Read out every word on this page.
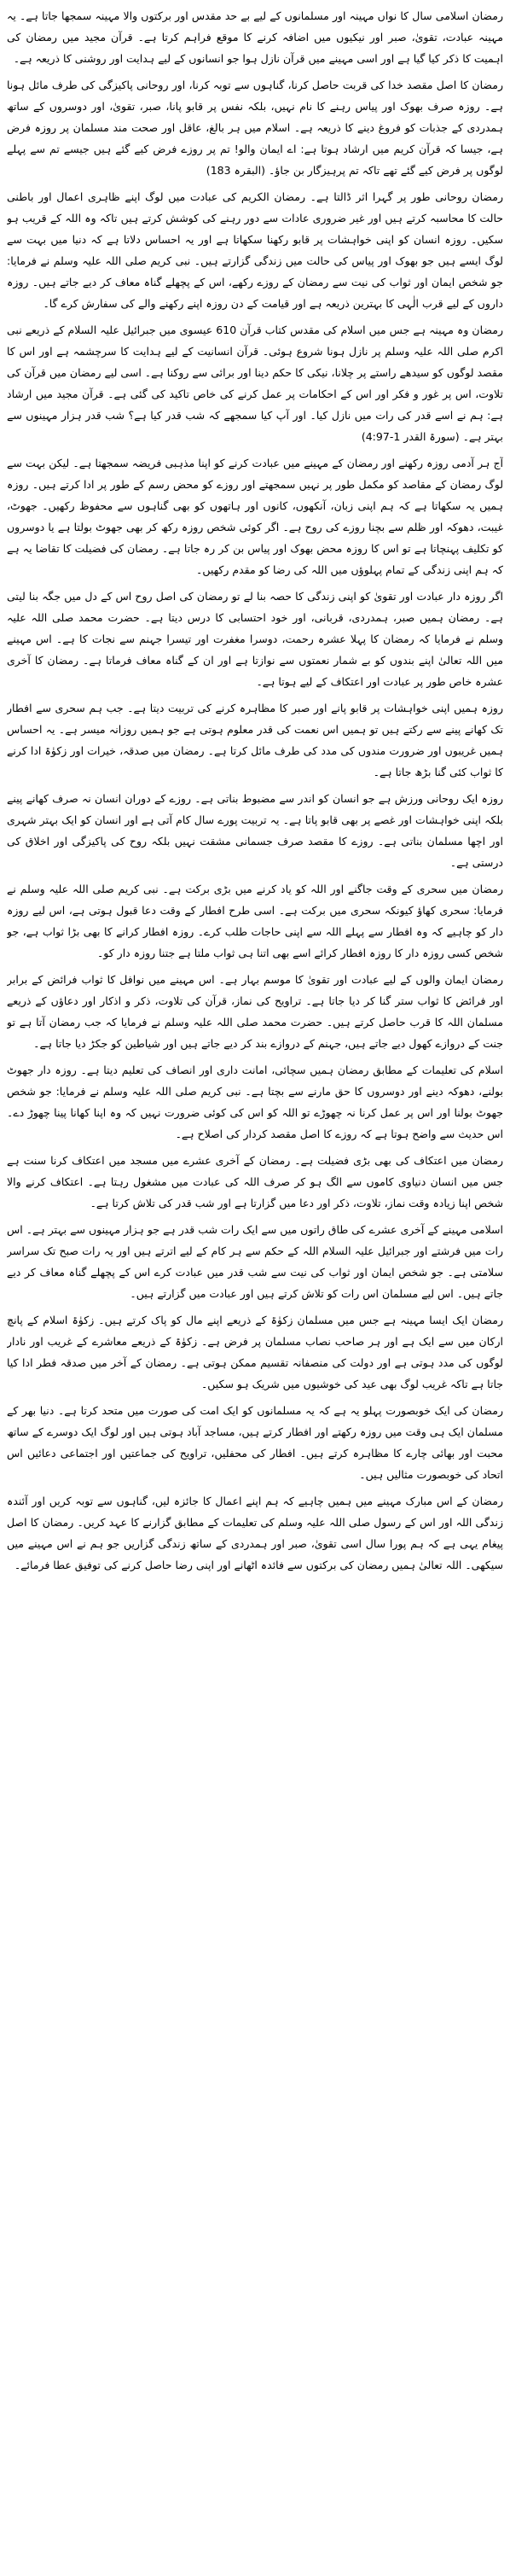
رمضان اسلامی سال کا نواں مہینہ اور مسلمانوں کے لیے بے حد مقدس اور برکتوں والا مہینہ سمجھا جاتا ہے۔ یہ مہینہ عبادت، تقویٰ، صبر اور نیکیوں میں اضافہ کرنے کا موقع فراہم کرتا ہے۔ قرآن مجید میں رمضان کی اہمیت کا ذکر کیا گیا ہے اور اسی مہینے میں قرآن نازل ہوا جو انسانوں کے لیے ہدایت اور روشنی کا ذریعہ ہے۔

رمضان کا اصل مقصد خدا کی قربت حاصل کرنا، گناہوں سے توبہ کرنا، اور روحانی پاکیزگی کی طرف مائل ہونا ہے۔ روزہ صرف بھوک اور پیاس رہنے کا نام نہیں، بلکہ نفس پر قابو پانا، صبر، تقویٰ، اور دوسروں کے ساتھ ہمدردی کے جذبات کو فروغ دینے کا ذریعہ ہے۔ اسلام میں ہر بالغ، عاقل اور صحت مند مسلمان پر روزہ فرض ہے، جیسا کہ قرآن کریم میں ارشاد ہوتا ہے: اے ایمان والو! تم پر روزے فرض کیے گئے ہیں جیسے تم سے پہلے لوگوں پر فرض کیے گئے تھے تاکہ تم پرہیزگار بن جاؤ۔ (البقرہ 183)

رمضان روحانی طور پر گہرا اثر ڈالتا ہے۔ رمضان الکریم کی عبادت میں لوگ اپنے ظاہری اعمال اور باطنی حالت کا محاسبہ کرتے ہیں اور غیر ضروری عادات سے دور رہنے کی کوشش کرتے ہیں تاکہ وہ اللہ کے قریب ہو سکیں۔ روزہ انسان کو اپنی خواہشات پر قابو رکھنا سکھاتا ہے اور یہ احساس دلاتا ہے کہ دنیا میں بہت سے لوگ ایسے ہیں جو بھوک اور پیاس کی حالت میں زندگی گزارتے ہیں۔ نبی کریم صلی اللہ علیہ وسلم نے فرمایا: جو شخص ایمان اور ثواب کی نیت سے رمضان کے روزے رکھے، اس کے پچھلے گناہ معاف کر دیے جاتے ہیں۔ روزہ داروں کے لیے قرب الٰہی کا بہترین ذریعہ ہے اور قیامت کے دن روزہ اپنے رکھنے والے کی سفارش کرے گا۔

رمضان وہ مہینہ ہے جس میں اسلام کی مقدس کتاب قرآن 610 عیسوی میں جبرائیل علیہ السلام کے ذریعے نبی اکرم صلی اللہ علیہ وسلم پر نازل ہونا شروع ہوئی۔ قرآن انسانیت کے لیے ہدایت کا سرچشمہ ہے اور اس کا مقصد لوگوں کو سیدھے راستے پر چلانا، نیکی کا حکم دینا اور برائی سے روکنا ہے۔ اسی لیے رمضان میں قرآن کی تلاوت، اس پر غور و فکر اور اس کے احکامات پر عمل کرنے کی خاص تاکید کی گئی ہے۔ قرآن مجید میں ارشاد ہے: ہم نے اسے قدر کی رات میں نازل کیا۔ اور آپ کیا سمجھے کہ شب قدر کیا ہے؟ شب قدر ہزار مہینوں سے بہتر ہے۔ (سورۃ القدر 1-4:97)

آج ہر آدمی روزہ رکھنے اور رمضان کے مہینے میں عبادت کرنے کو اپنا مذہبی فریضہ سمجھتا ہے۔ لیکن بہت سے لوگ رمضان کے مقاصد کو مکمل طور پر نہیں سمجھتے اور روزے کو محض رسم کے طور پر ادا کرتے ہیں۔ روزہ ہمیں یہ سکھاتا ہے کہ ہم اپنی زبان، آنکھوں، کانوں اور ہاتھوں کو بھی گناہوں سے محفوظ رکھیں۔ جھوٹ، غیبت، دھوکہ اور ظلم سے بچنا روزے کی روح ہے۔ اگر کوئی شخص روزہ رکھ کر بھی جھوٹ بولتا ہے یا دوسروں کو تکلیف پہنچاتا ہے تو اس کا روزہ محض بھوک اور پیاس بن کر رہ جاتا ہے۔ رمضان کی فضیلت کا تقاضا یہ ہے کہ ہم اپنی زندگی کے تمام پہلوؤں میں اللہ کی رضا کو مقدم رکھیں۔

اگر روزہ دار عبادت اور تقویٰ کو اپنی زندگی کا حصہ بنا لے تو رمضان کی اصل روح اس کے دل میں جگہ بنا لیتی ہے۔ رمضان ہمیں صبر، ہمدردی، قربانی، اور خود احتسابی کا درس دیتا ہے۔ حضرت محمد صلی اللہ علیہ وسلم نے فرمایا کہ رمضان کا پہلا عشرہ رحمت، دوسرا مغفرت اور تیسرا جہنم سے نجات کا ہے۔ اس مہینے میں اللہ تعالیٰ اپنے بندوں کو بے شمار نعمتوں سے نوازتا ہے اور ان کے گناہ معاف فرماتا ہے۔ رمضان کا آخری عشرہ خاص طور پر عبادت اور اعتکاف کے لیے ہوتا ہے۔

روزہ ہمیں اپنی خواہشات پر قابو پانے اور صبر کا مظاہرہ کرنے کی تربیت دیتا ہے۔ جب ہم سحری سے افطار تک کھانے پینے سے رکتے ہیں تو ہمیں اس نعمت کی قدر معلوم ہوتی ہے جو ہمیں روزانہ میسر ہے۔ یہ احساس ہمیں غریبوں اور ضرورت مندوں کی مدد کی طرف مائل کرتا ہے۔ رمضان میں صدقہ، خیرات اور زکوٰۃ ادا کرنے کا ثواب کئی گنا بڑھ جاتا ہے۔

روزہ ایک روحانی ورزش ہے جو انسان کو اندر سے مضبوط بناتی ہے۔ روزے کے دوران انسان نہ صرف کھانے پینے بلکہ اپنی خواہشات اور غصے پر بھی قابو پاتا ہے۔ یہ تربیت پورے سال کام آتی ہے اور انسان کو ایک بہتر شہری اور اچھا مسلمان بناتی ہے۔ روزے کا مقصد صرف جسمانی مشقت نہیں بلکہ روح کی پاکیزگی اور اخلاق کی درستی ہے۔

رمضان میں سحری کے وقت جاگنے اور اللہ کو یاد کرنے میں بڑی برکت ہے۔ نبی کریم صلی اللہ علیہ وسلم نے فرمایا: سحری کھاؤ کیونکہ سحری میں برکت ہے۔ اسی طرح افطار کے وقت دعا قبول ہوتی ہے، اس لیے روزہ دار کو چاہیے کہ وہ افطار سے پہلے اللہ سے اپنی حاجات طلب کرے۔ روزہ افطار کرانے کا بھی بڑا ثواب ہے، جو شخص کسی روزہ دار کا روزہ افطار کرائے اسے بھی اتنا ہی ثواب ملتا ہے جتنا روزہ دار کو۔

رمضان ایمان والوں کے لیے عبادت اور تقویٰ کا موسم بہار ہے۔ اس مہینے میں نوافل کا ثواب فرائض کے برابر اور فرائض کا ثواب ستر گنا کر دیا جاتا ہے۔ تراویح کی نماز، قرآن کی تلاوت، ذکر و اذکار اور دعاؤں کے ذریعے مسلمان اللہ کا قرب حاصل کرتے ہیں۔ حضرت محمد صلی اللہ علیہ وسلم نے فرمایا کہ جب رمضان آتا ہے تو جنت کے دروازے کھول دیے جاتے ہیں، جہنم کے دروازے بند کر دیے جاتے ہیں اور شیاطین کو جکڑ دیا جاتا ہے۔

اسلام کی تعلیمات کے مطابق رمضان ہمیں سچائی، امانت داری اور انصاف کی تعلیم دیتا ہے۔ روزہ دار جھوٹ بولنے، دھوکہ دینے اور دوسروں کا حق مارنے سے بچتا ہے۔ نبی کریم صلی اللہ علیہ وسلم نے فرمایا: جو شخص جھوٹ بولنا اور اس پر عمل کرنا نہ چھوڑے تو اللہ کو اس کی کوئی ضرورت نہیں کہ وہ اپنا کھانا پینا چھوڑ دے۔ اس حدیث سے واضح ہوتا ہے کہ روزے کا اصل مقصد کردار کی اصلاح ہے۔

رمضان میں اعتکاف کی بھی بڑی فضیلت ہے۔ رمضان کے آخری عشرے میں مسجد میں اعتکاف کرنا سنت ہے جس میں انسان دنیاوی کاموں سے الگ ہو کر صرف اللہ کی عبادت میں مشغول رہتا ہے۔ اعتکاف کرنے والا شخص اپنا زیادہ وقت نماز، تلاوت، ذکر اور دعا میں گزارتا ہے اور شب قدر کی تلاش کرتا ہے۔

اسلامی مہینے کے آخری عشرے کی طاق راتوں میں سے ایک رات شب قدر ہے جو ہزار مہینوں سے بہتر ہے۔ اس رات میں فرشتے اور جبرائیل علیہ السلام اللہ کے حکم سے ہر کام کے لیے اترتے ہیں اور یہ رات صبح تک سراسر سلامتی ہے۔ جو شخص ایمان اور ثواب کی نیت سے شب قدر میں عبادت کرے اس کے پچھلے گناہ معاف کر دیے جاتے ہیں۔ اس لیے مسلمان اس رات کو تلاش کرتے ہیں اور عبادت میں گزارتے ہیں۔

رمضان ایک ایسا مہینہ ہے جس میں مسلمان زکوٰۃ کے ذریعے اپنے مال کو پاک کرتے ہیں۔ زکوٰۃ اسلام کے پانچ ارکان میں سے ایک ہے اور ہر صاحب نصاب مسلمان پر فرض ہے۔ زکوٰۃ کے ذریعے معاشرے کے غریب اور نادار لوگوں کی مدد ہوتی ہے اور دولت کی منصفانہ تقسیم ممکن ہوتی ہے۔ رمضان کے آخر میں صدقہ فطر ادا کیا جاتا ہے تاکہ غریب لوگ بھی عید کی خوشیوں میں شریک ہو سکیں۔

رمضان کی ایک خوبصورت پہلو یہ ہے کہ یہ مسلمانوں کو ایک امت کی صورت میں متحد کرتا ہے۔ دنیا بھر کے مسلمان ایک ہی وقت میں روزہ رکھتے اور افطار کرتے ہیں، مساجد آباد ہوتی ہیں اور لوگ ایک دوسرے کے ساتھ محبت اور بھائی چارے کا مظاہرہ کرتے ہیں۔ افطار کی محفلیں، تراویح کی جماعتیں اور اجتماعی دعائیں اس اتحاد کی خوبصورت مثالیں ہیں۔

رمضان کے اس مبارک مہینے میں ہمیں چاہیے کہ ہم اپنے اعمال کا جائزہ لیں، گناہوں سے توبہ کریں اور آئندہ زندگی اللہ اور اس کے رسول صلی اللہ علیہ وسلم کی تعلیمات کے مطابق گزارنے کا عہد کریں۔ رمضان کا اصل پیغام یہی ہے کہ ہم پورا سال اسی تقویٰ، صبر اور ہمدردی کے ساتھ زندگی گزاریں جو ہم نے اس مہینے میں سیکھی۔ اللہ تعالیٰ ہمیں رمضان کی برکتوں سے فائدہ اٹھانے اور اپنی رضا حاصل کرنے کی توفیق عطا فرمائے۔
